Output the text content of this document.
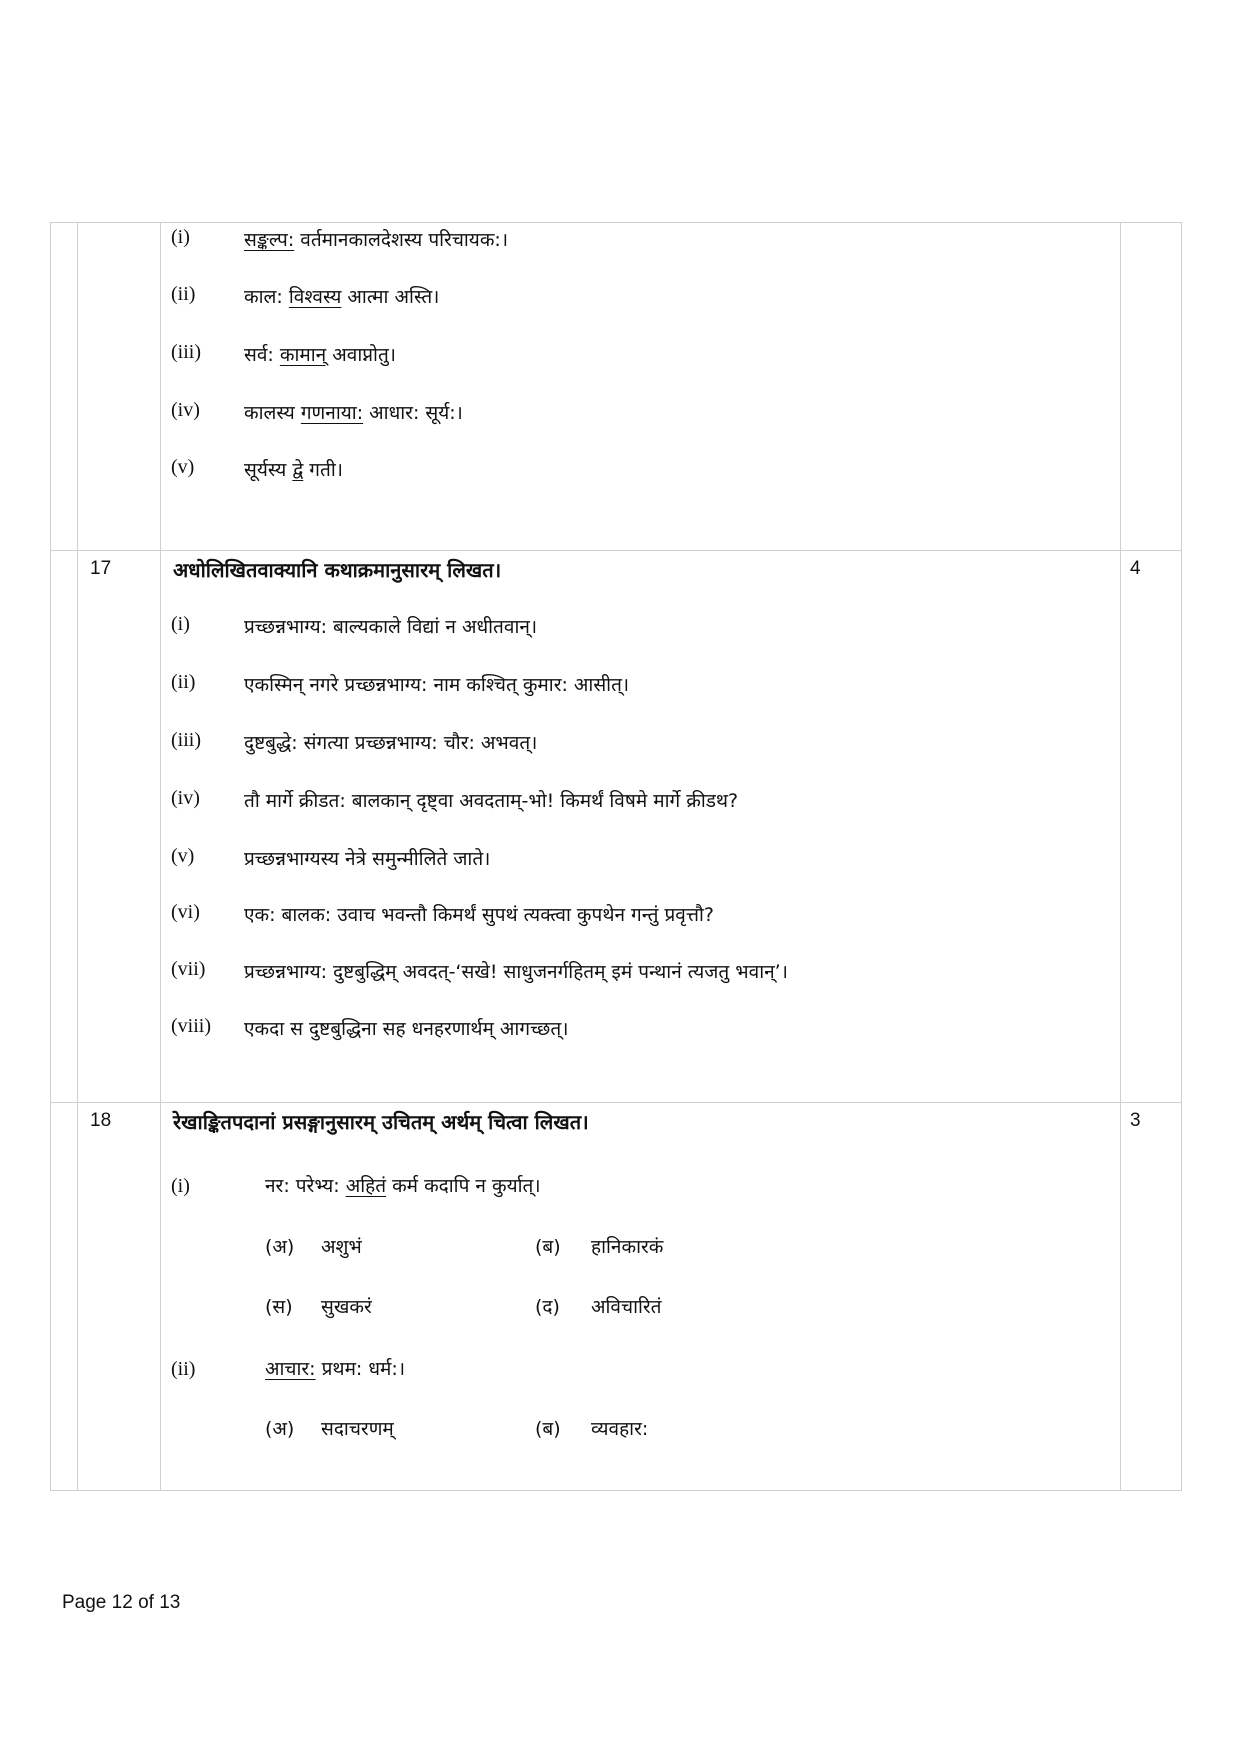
(i)	सङ्कल्प: वर्तमानकालदेशस्य परिचायक:।
(ii)	काल: विश्वस्य आत्मा अस्ति।
(iii) सर्व: कामान् अवाप्नोतु।
(iv) कालस्य गणनाया: आधार: सूर्य:।
(v)	सूर्यस्य द्वे गती।
17	अधोलिखितवाक्यानि कथाक्रमानुसारम् लिखत।	4
(i)	प्रच्छन्नभाग्य: बाल्यकाले विद्यां न अधीतवान्।
(ii)	एकस्मिन् नगरे प्रच्छन्नभाग्य: नाम कश्चित् कुमार: आसीत्।
(iii) दुष्टबुद्धे: संगत्या प्रच्छन्नभाग्य: चौर: अभवत्।
(iv) तौ मार्गे क्रीडत: बालकान् दृष्ट्वा अवदताम्-भो! किमर्थं विषमे मार्गे क्रीडथ?
(v)	प्रच्छन्नभाग्यस्य नेत्रे समुन्मीलिते जाते।
(vi) एक: बालक: उवाच भवन्तौ किमर्थं सुपथं त्यक्त्वा कुपथेन गन्तुं प्रवृत्तौ?
(vii) प्रच्छन्नभाग्य: दुष्टबुद्धिम् अवदत्-‘सखे! साधुजनर्गहितम् इमं पन्थानं त्यजतु भवान्’।
(viii) एकदा स दुष्टबुद्धिना सह धनहरणार्थम् आगच्छत्।
18	रेखाङ्कितपदानां प्रसङ्गानुसारम् उचितम् अर्थम् चित्वा लिखत।	3
(i)	नर: परेभ्य: अहितं कर्म कदापि न कुर्यात्।
(अ) अशुभं	(ब) हानिकारकं
(स) सुखकरं	(द) अविचारितं
(ii)	आचार: प्रथम: धर्म:।
(अ) सदाचरणम्	(ब) व्यवहार:
Page 12 of 13
